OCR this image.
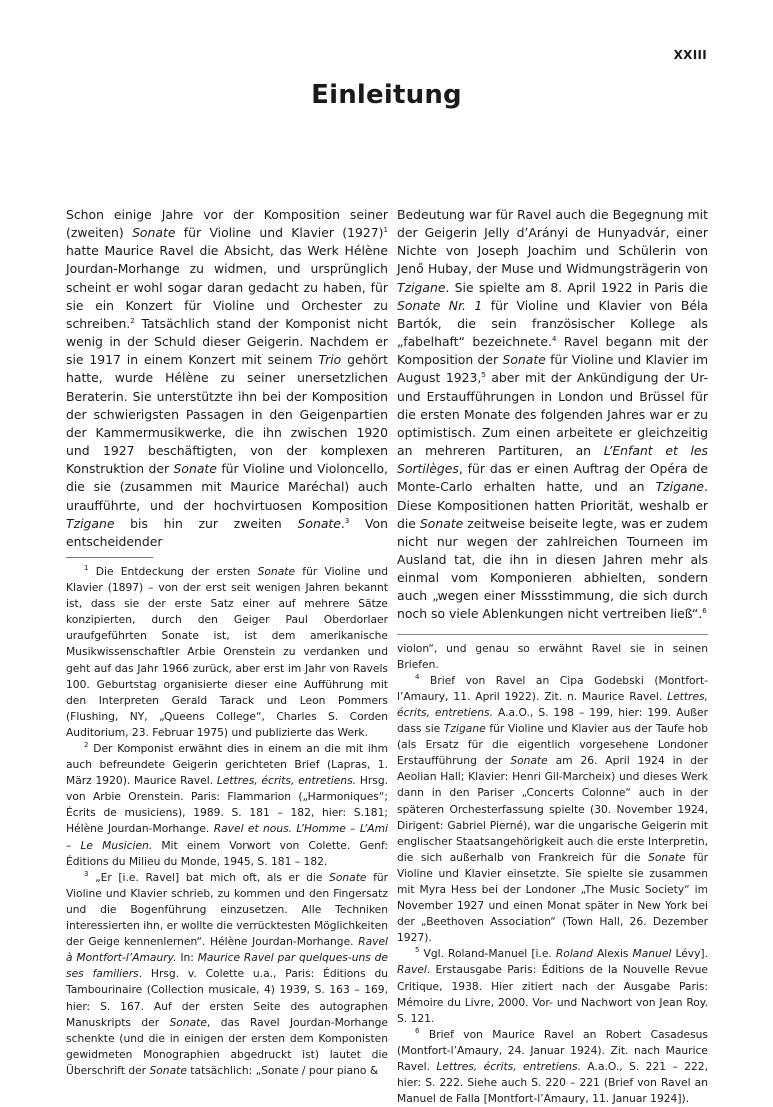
XXIII
Einleitung

Schon einige Jahre vor der Komposition seiner (zweiten) Sonate für Violine und Klavier $(1927)^1$ hatte Maurice Ravel die Absicht, das Werk Hélène Jourdan-Morhange zu widmen, und ursprünglich scheint er wohl sogar daran gedacht zu haben, für sie ein Konzert für Violine und Orchester zu schreiben.$^2$ Tatsächlich stand der Komponist nicht wenig in der Schuld dieser Geigerin. Nachdem er sie 1917 in einem Konzert mit seinem Trio gehört hatte, wurde Hélène zu seiner unersetzlichen Beraterin. Sie unterstützte ihn bei der Komposition der schwierigsten Passagen in den Geigenpartien der Kammermusikwerke, die ihn zwischen 1920 und 1927 beschäftigten, von der komplexen Konstruktion der Sonate für Violine und Violoncello, die sie (zusammen mit Maurice Maréchal) auch uraufführte, und der hochvirtuosen Komposition Tzigane bis hin zur zweiten Sonate.$^3$ Von entscheidender

$^1$ Die Entdeckung der ersten Sonate für Violine und Klavier (1897) – von der erst seit wenigen Jahren bekannt ist, dass sie der erste Satz einer auf mehrere Sätze konzipierten, durch den Geiger Paul Oberdorlaer uraufgeführten Sonate ist, ist dem amerikanische Musikwissenschaftler Arbie Orenstein zu verdanken und geht auf das Jahr 1966 zurück, aber erst im Jahr von Ravels 100. Geburtstag organisierte dieser eine Aufführung mit den Interpreten Gerald Tarack und Leon Pommers (Flushing, NY, „Queens College“, Charles S. Corden Auditorium, 23. Februar 1975) und publizierte das Werk.

$^2$ Der Komponist erwähnt dies in einem an die mit ihm auch befreundete Geigerin gerichteten Brief (Lapras, 1. März 1920). Maurice Ravel. Lettres, écrits, entretiens. Hrsg. von Arbie Orenstein. Paris: Flammarion („Harmoniques“; Écrits de musiciens), 1989. S. 181 – 182, hier: S.181; Hélène Jourdan-Morhange. Ravel et nous. L’Homme – L’Ami – Le Musicien. Mit einem Vorwort von Colette. Genf: Éditions du Milieu du Monde, 1945, S. 181 – 182.

$^3$ „Er [i.e. Ravel] bat mich oft, als er die Sonate für Violine und Klavier schrieb, zu kommen und den Fingersatz und die Bogenführung einzusetzen. Alle Techniken interessierten ihn, er wollte die verrücktesten Möglichkeiten der Geige kennenlernen“. Hélène Jourdan-Morhange. Ravel à Montfort-l’Amaury. In: Maurice Ravel par quelques-uns de ses familiers. Hrsg. v. Colette u.a., Paris: Éditions du Tambourinaire (Collection musicale, 4) 1939, S. 163 – 169, hier: S. 167. Auf der ersten Seite des autographen Manuskripts der Sonate, das Ravel Jourdan-Morhange schenkte (und die in einigen der ersten dem Komponisten gewidmeten Monographien abgedruckt ist) lautet die Überschrift der Sonate tatsächlich: „Sonate / pour piano &

Bedeutung war für Ravel auch die Begegnung mit der Geigerin Jelly d’Arányi de Hunyadvár, einer Nichte von Joseph Joachim und Schülerin von Jenő Hubay, der Muse und Widmungsträgerin von Tzigane. Sie spielte am 8. April 1922 in Paris die Sonate Nr. 1 für Violine und Klavier von Béla Bartók, die sein französischer Kollege als „fabelhaft“ bezeichnete.$^4$ Ravel begann mit der Komposition der Sonate für Violine und Klavier im August 1923,$^5$ aber mit der Ankündigung der Ur-und Erstaufführungen in London und Brüssel für die ersten Monate des folgenden Jahres war er zu optimistisch. Zum einen arbeitete er gleichzeitig an mehreren Partituren, an L’Enfant et les Sortilèges, für das er einen Auftrag der Opéra de Monte-Carlo erhalten hatte, und an Tzigane. Diese Kompositionen hatten Priorität, weshalb er die Sonate zeitweise beiseite legte, was er zudem nicht nur wegen der zahlreichen Tourneen im Ausland tat, die ihn in diesen Jahren mehr als einmal vom Komponieren abhielten, sondern auch „wegen einer Missstimmung, die sich durch noch so viele Ablenkungen nicht vertreiben ließ“.$^6$

violon“, und genau so erwähnt Ravel sie in seinen Briefen.

$^4$ Brief von Ravel an Cipa Godebski (Montfort-l’Amaury, 11. April 1922). Zit. n. Maurice Ravel. Lettres, écrits, entretiens. A.a.O., S. 198 – 199, hier: 199. Außer dass sie Tzigane für Violine und Klavier aus der Taufe hob (als Ersatz für die eigentlich vorgesehene Londoner Erstaufführung der Sonate am 26. April 1924 in der Aeolian Hall; Klavier: Henri Gil-Marcheix) und dieses Werk dann in den Pariser „Concerts Colonne“ auch in der späteren Orchesterfassung spielte (30. November 1924, Dirigent: Gabriel Pierné), war die ungarische Geigerin mit englischer Staatsangehörigkeit auch die erste Interpretin, die sich außerhalb von Frankreich für die Sonate für Violine und Klavier einsetzte. Sie spielte sie zusammen mit Myra Hess bei der Londoner „The Music Society“ im November 1927 und einen Monat später in New York bei der „Beethoven Association“ (Town Hall, 26. Dezember 1927).

$^5$ Vgl. Roland-Manuel [i.e. Roland Alexis Manuel Lévy]. Ravel. Erstausgabe Paris: Éditions de la Nouvelle Revue Critique, 1938. Hier zitiert nach der Ausgabe Paris: Mémoire du Livre, 2000. Vor- und Nachwort von Jean Roy. S. 121.

$^6$ Brief von Maurice Ravel an Robert Casadesus (Montfort-l’Amaury, 24. Januar 1924). Zit. nach Maurice Ravel. Lettres, écrits, entretiens. A.a.O., S. 221 – 222, hier: S. 222. Siehe auch S. 220 – 221 (Brief von Ravel an Manuel de Falla [Montfort-l’Amaury, 11. Januar 1924]).
